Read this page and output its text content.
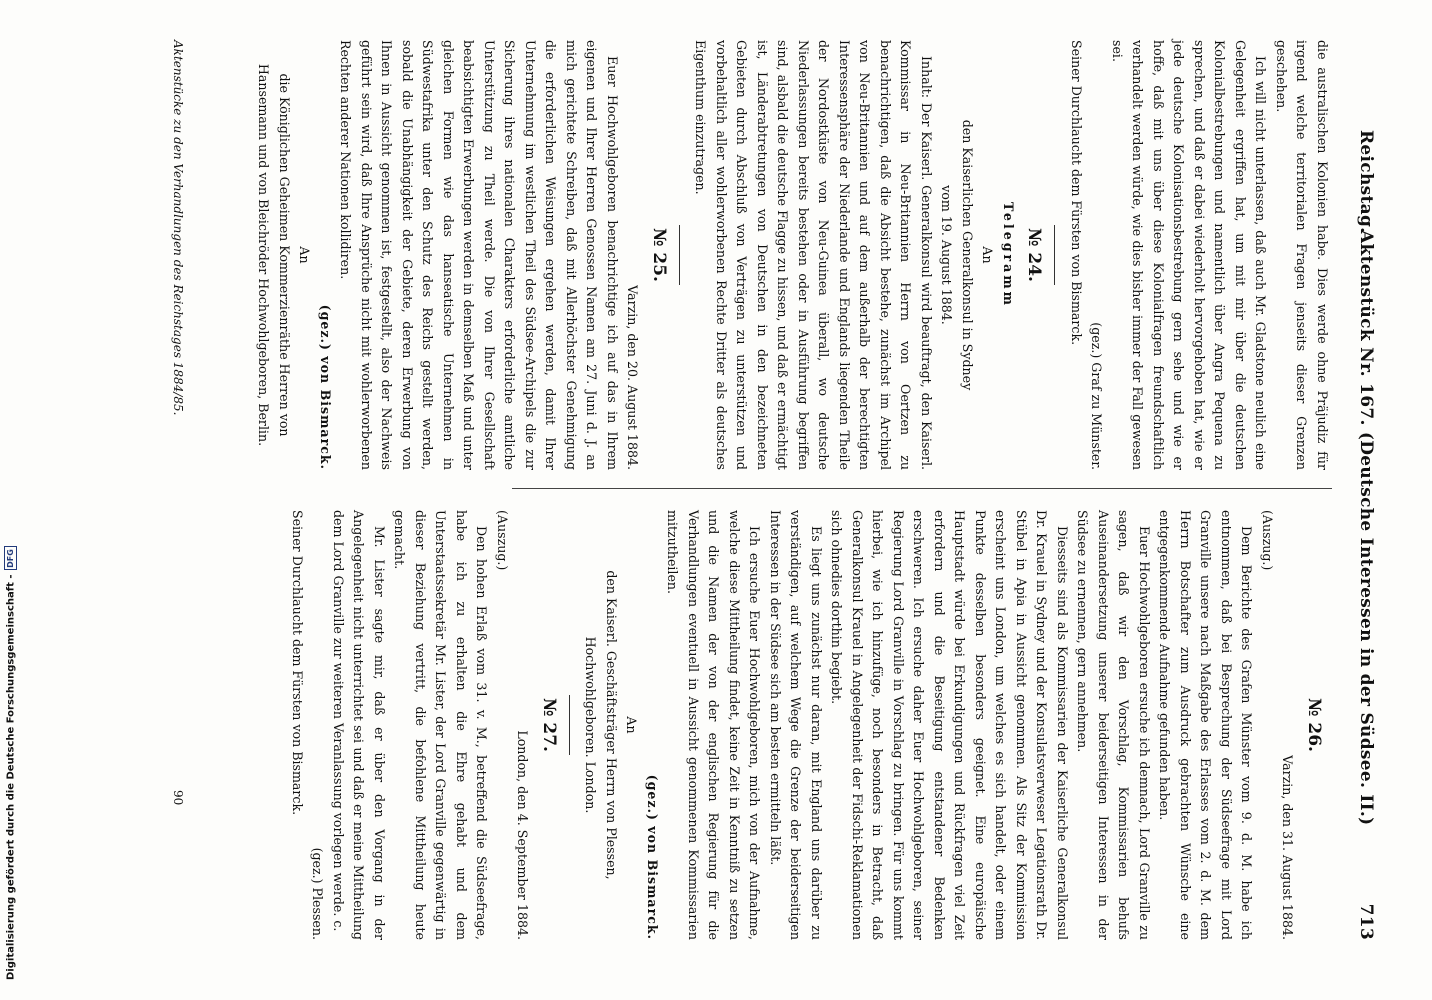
Reichstag.
Aktenstück Nr. 167. (Deutsche Interessen in der Südsee. II.)
713

die australischen Kolonien habe. Dies werde ohne Präjudiz für irgend welche territorialen Fragen jenseits dieser Grenzen geschehen.

Ich will nicht unterlassen, daß auch Mr. Gladstone neulich eine Gelegenheit ergriffen hat, um mit mir über die deutschen Kolonialbestrebungen und namentlich über Angra Pequena zu sprechen, und daß er dabei wiederholt hervorgehoben hat, wie er jede deutsche Kolonisationsbestrebung gern sehe und wie er hoffe, daß mit uns über diese Kolonialfragen freundschaftlich verhandelt werden würde, wie dies bisher immer der Fall gewesen sei.

(gez.) Graf zu Münster.

Seiner Durchlaucht dem Fürsten von Bismarck.

№ 24.

Telegramm

An

den Kaiserlichen Generalkonsul in Sydney

vom 19. August 1884.

Inhalt: Der Kaiserl. Generalkonsul wird beauftragt, den Kaiserl. Kommissar in Neu-Britannien Herrn von Oertzen zu benachrichtigen, daß die Absicht bestehe, zunächst im Archipel von Neu-Britannien und auf dem außerhalb der berechtigten Interessensphäre der Niederlande und Englands liegenden Theile der Nordostküste von Neu-Guinea überall, wo deutsche Niederlassungen bereits bestehen oder in Ausführung begriffen sind, alsbald die deutsche Flagge zu hissen, und daß er ermächtigt ist, Länderabtretungen von Deutschen in den bezeichneten Gebieten durch Abschluß von Verträgen zu unterstützen und vorbehaltlich aller wohlerworbenen Rechte Dritter als deutsches Eigenthum einzutragen.

№ 25.

Varzin, den 20. August 1884.

Euer Hochwohlgeboren benachrichtige ich auf das in Ihrem eigenen und Ihrer Herren Genossen Namen am 27. Juni d. J. an mich gerichtete Schreiben, daß mit Allerhöchster Genehmigung die erforderlichen Weisungen ergehen werden, damit Ihrer Unternehmung im westlichen Theil des Südsee-Archipels die zur Sicherung ihres nationalen Charakters erforderliche amtliche Unterstützung zu Theil werde. Die von Ihrer Gesellschaft beabsichtigten Erwerbungen werden in demselben Maß und unter gleichen Formen wie das hanseatische Unternehmen in Südwestafrika unter den Schutz des Reichs gestellt werden, sobald die Unabhängigkeit der Gebiete, deren Erwerbung von Ihnen in Aussicht genommen ist, festgestellt, also der Nachweis geführt sein wird, daß Ihre Ansprüche nicht mit wohlerworbenen Rechten anderer Nationen kollidiren.

(gez.) von Bismarck.

An

die Königlichen Geheimen Kommerzienräthe Herren von Hansemann und von Bleichröder Hochwohlgeboren, Berlin.

№ 26.

Varzin, den 31. August 1884.

(Auszug.)

Dem Berichte des Grafen Münster vom 9. d. M. habe ich entnommen, daß bei Besprechung der Südseefrage mit Lord Granville unsere nach Maßgabe des Erlasses vom 2. d. M. dem Herrn Botschafter zum Ausdruck gebrachten Wünsche eine entgegenkommende Aufnahme gefunden haben.

Euer Hochwohlgeboren ersuche ich demnach, Lord Granville zu sagen, daß wir den Vorschlag, Kommissarien behufs Auseinandersetzung unserer beiderseitigen Interessen in der Südsee zu ernennen, gern annehmen.

Diesseits sind als Kommissarien der Kaiserliche Generalkonsul Dr. Krauel in Sydney und der Konsulatsverweser Legationsrath Dr. Stübel in Apia in Aussicht genommen. Als Sitz der Kommission erscheint uns London, um welches es sich handelt, oder einem Punkte desselben besonders geeignet. Eine europäische Hauptstadt würde bei Erkundigungen und Rückfragen viel Zeit erfordern und die Beseitigung entstandener Bedenken erschweren. Ich ersuche daher Euer Hochwohlgeboren, seiner Regierung Lord Granville in Vorschlag zu bringen. Für uns kommt hierbei, wie ich hinzufüge, noch besonders in Betracht, daß Generalkonsul Krauel in Angelegenheit der Fidschi-Reklamationen sich ohnedies dorthin begiebt.

Es liegt uns zunächst nur daran, mit England uns darüber zu verständigen, auf welchem Wege die Grenze der beiderseitigen Interessen in der Südsee sich am besten ermitteln läßt.

Ich ersuche Euer Hochwohlgeboren, mich von der Aufnahme, welche diese Mittheilung findet, keine Zeit in Kenntniß zu setzen und die Namen der von der englischen Regierung für die Verhandlungen eventuell in Aussicht genommenen Kommissarien mitzutheilen.

(gez.) von Bismarck.

An

den Kaiserl. Geschäftsträger Herrn von Plessen, Hochwohlgeboren. London.

№ 27.

London, den 4. September 1884.

(Auszug.)

Den hohen Erlaß vom 31. v. M., betreffend die Südseefrage, habe ich zu erhalten die Ehre gehabt und dem Unterstaatssekretär Mr. Lister, der Lord Granville gegenwärtig in dieser Beziehung vertritt, die befohlene Mittheilung heute gemacht.

Mr. Lister sagte mir, daß er über den Vorgang in der Angelegenheit nicht unterrichtet sei und daß er meine Mittheilung dem Lord Granville zur weiteren Veranlassung vorlegen werde. c.

(gez.) Plessen.

Seiner Durchlaucht dem Fürsten von Bismarck.

Aktenstücke zu den Verhandlungen des Reichstages 1884/85.
90
Digitalisierung gefördert durch die Deutsche Forschungsgemeinschaft -DFG
